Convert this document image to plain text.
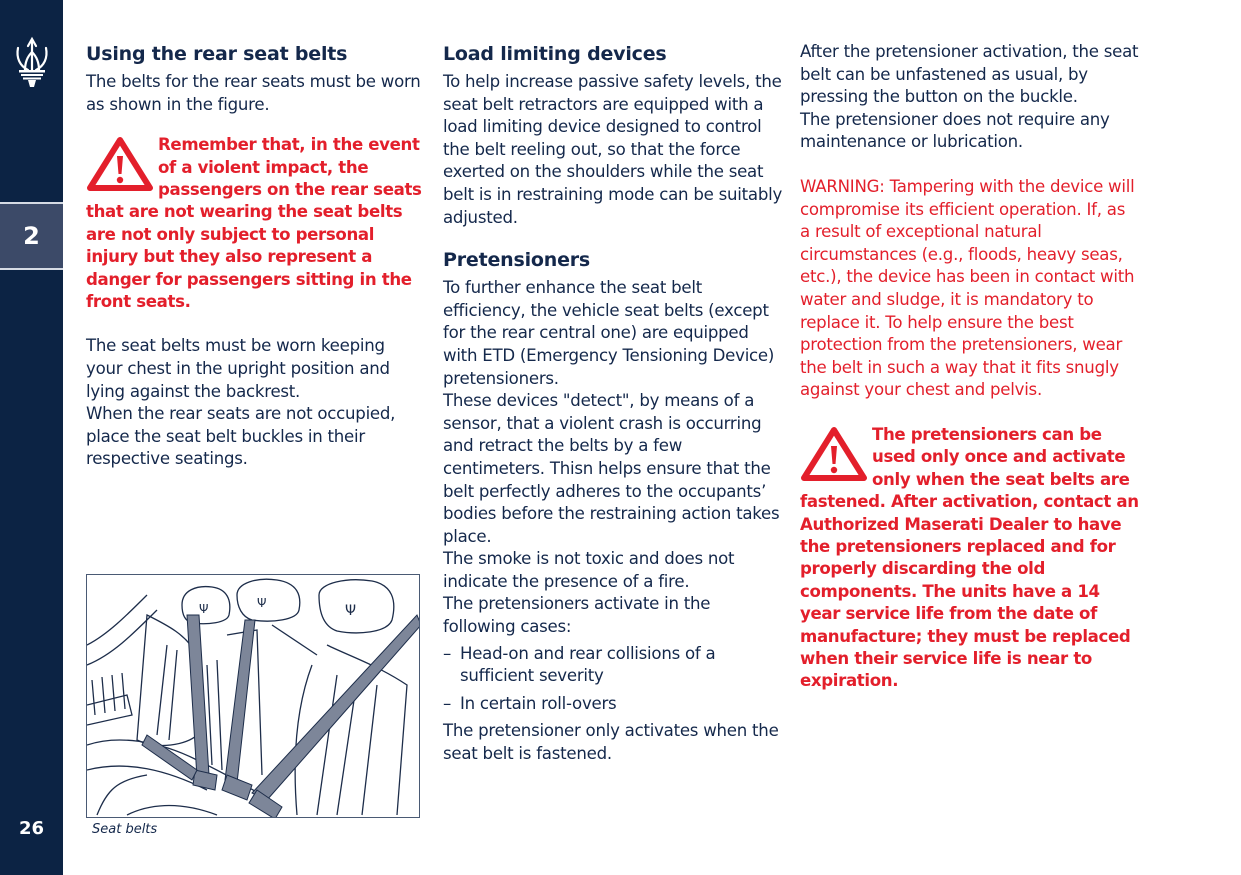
2
26
Using the rear seat belts

The belts for the rear seats must be worn as shown in the figure.

Remember that, in the event of a violent impact, the passengers on the rear seats that are not wearing the seat belts are not only subject to personal injury but they also represent a danger for passengers sitting in the front seats.

The seat belts must be worn keeping your chest in the upright position and lying against the backrest.

When the rear seats are not occupied, place the seat belt buckles in their respective seatings.

Ψ	Ψ	Ψ
Seat belts
Load limiting devices

To help increase passive safety levels, the seat belt retractors are equipped with a load limiting device designed to control the belt reeling out, so that the force exerted on the shoulders while the seat belt is in restraining mode can be suitably adjusted.

Pretensioners

To further enhance the seat belt efficiency, the vehicle seat belts (except for the rear central one) are equipped with ETD (Emergency Tensioning Device) pretensioners.

These devices "detect", by means of a sensor, that a violent crash is occurring and retract the belts by a few centimeters. Thisn helps ensure that the belt perfectly adheres to the occupants’ bodies before the restraining action takes place.

The smoke is not toxic and does not indicate the presence of a fire.

The pretensioners activate in the following cases:

– Head-on and rear collisions of a sufficient severity
– In certain roll-overs

The pretensioner only activates when the seat belt is fastened.

After the pretensioner activation, the seat belt can be unfastened as usual, by pressing the button on the buckle.

The pretensioner does not require any maintenance or lubrication.

WARNING: Tampering with the device will compromise its efficient operation. If, as a result of exceptional natural circumstances (e.g., floods, heavy seas, etc.), the device has been in contact with water and sludge, it is mandatory to replace it. To help ensure the best protection from the pretensioners, wear the belt in such a way that it fits snugly against your chest and pelvis.

The pretensioners can be used only once and activate only when the seat belts are fastened. After activation, contact an Authorized Maserati Dealer to have the pretensioners replaced and for properly discarding the old components. The units have a 14 year service life from the date of manufacture; they must be replaced when their service life is near to expiration.
